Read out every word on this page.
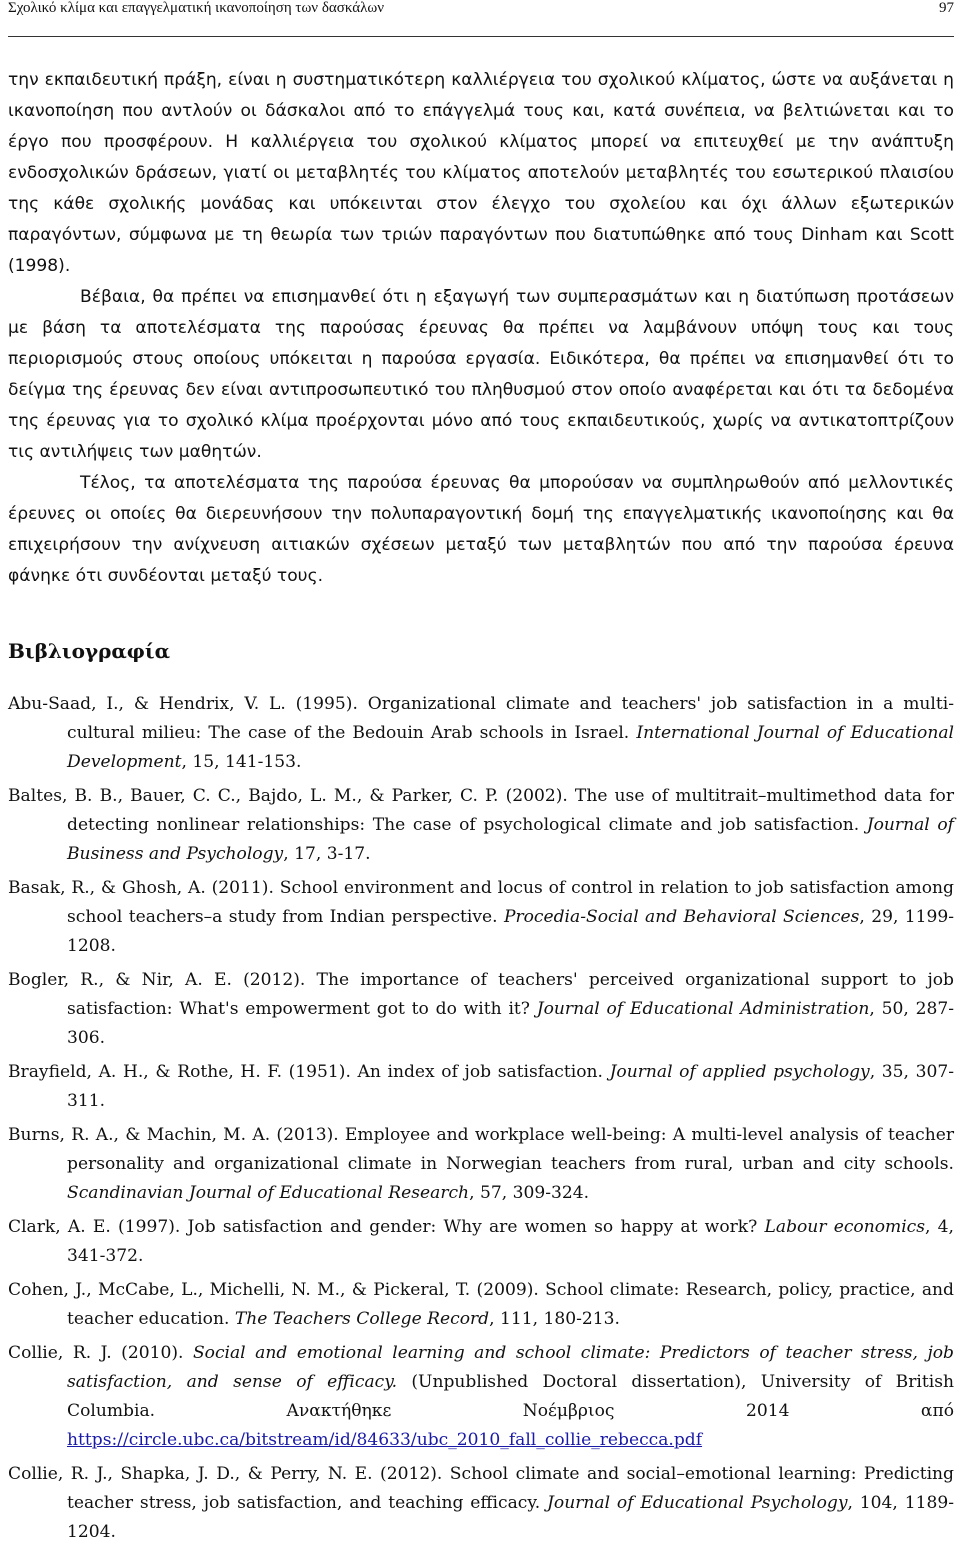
Σχολικό κλίμα και επαγγελματική ικανοποίηση των δασκάλων	97

την εκπαιδευτική πράξη, είναι η συστηματικότερη καλλιέργεια του σχολικού κλίματος, ώστε να αυξάνεται η ικανοποίηση που αντλούν οι δάσκαλοι από το επάγγελμά τους και, κατά συνέπεια, να βελτιώνεται και το έργο που προσφέρουν. Η καλλιέργεια του σχολικού κλίματος μπορεί να επιτευχθεί με την ανάπτυξη ενδοσχολικών δράσεων, γιατί οι μεταβλητές του κλίματος αποτελούν μεταβλητές του εσωτερικού πλαισίου της κάθε σχολικής μονάδας και υπόκεινται στον έλεγχο του σχολείου και όχι άλλων εξωτερικών παραγόντων, σύμφωνα με τη θεωρία των τριών παραγόντων που διατυπώθηκε από τους Dinham και Scott (1998).

Βέβαια, θα πρέπει να επισημανθεί ότι η εξαγωγή των συμπερασμάτων και η διατύπωση προτάσεων με βάση τα αποτελέσματα της παρούσας έρευνας θα πρέπει να λαμβάνουν υπόψη τους και τους περιορισμούς στους οποίους υπόκειται η παρούσα εργασία. Ειδικότερα, θα πρέπει να επισημανθεί ότι το δείγμα της έρευνας δεν είναι αντιπροσωπευτικό του πληθυσμού στον οποίο αναφέρεται και ότι τα δεδομένα της έρευνας για το σχολικό κλίμα προέρχονται μόνο από τους εκπαιδευτικούς, χωρίς να αντικατοπτρίζουν τις αντιλήψεις των μαθητών.

Τέλος, τα αποτελέσματα της παρούσα έρευνας θα μπορούσαν να συμπληρωθούν από μελλοντικές έρευνες οι οποίες θα διερευνήσουν την πολυπαραγοντική δομή της επαγγελματικής ικανοποίησης και θα επιχειρήσουν την ανίχνευση αιτιακών σχέσεων μεταξύ των μεταβλητών που από την παρούσα έρευνα φάνηκε ότι συνδέονται μεταξύ τους.

Βιβλιογραφία

Abu-Saad, I., & Hendrix, V. L. (1995). Organizational climate and teachers' job satisfaction in a multi-cultural milieu: The case of the Bedouin Arab schools in Israel. International Journal of Educational Development, 15, 141-153.

Baltes, B. B., Bauer, C. C., Bajdo, L. M., & Parker, C. P. (2002). The use of multitrait–multimethod data for detecting nonlinear relationships: The case of psychological climate and job satisfaction. Journal of Business and Psychology, 17, 3-17.

Basak, R., & Ghosh, A. (2011). School environment and locus of control in relation to job satisfaction among school teachers–a study from Indian perspective. Procedia-Social and Behavioral Sciences, 29, 1199-1208.

Bogler, R., & Nir, A. E. (2012). The importance of teachers' perceived organizational support to job satisfaction: What's empowerment got to do with it? Journal of Educational Administration, 50, 287-306.

Brayfield, A. H., & Rothe, H. F. (1951). An index of job satisfaction. Journal of applied psychology, 35, 307-311.

Burns, R. A., & Machin, M. A. (2013). Employee and workplace well-being: A multi-level analysis of teacher personality and organizational climate in Norwegian teachers from rural, urban and city schools. Scandinavian Journal of Educational Research, 57, 309-324.

Clark, A. E. (1997). Job satisfaction and gender: Why are women so happy at work? Labour economics, 4, 341-372.

Cohen, J., McCabe, L., Michelli, N. M., & Pickeral, T. (2009). School climate: Research, policy, practice, and teacher education. The Teachers College Record, 111, 180-213.

Collie, R. J. (2010). Social and emotional learning and school climate: Predictors of teacher stress, job satisfaction, and sense of efficacy. (Unpublished Doctoral dissertation), University of British Columbia. Ανακτήθηκε Νοέμβριος 2014 από https://circle.ubc.ca/bitstream/id/84633/ubc_2010_fall_collie_rebecca.pdf

Collie, R. J., Shapka, J. D., & Perry, N. E. (2012). School climate and social–emotional learning: Predicting teacher stress, job satisfaction, and teaching efficacy. Journal of Educational Psychology, 104, 1189-1204.
